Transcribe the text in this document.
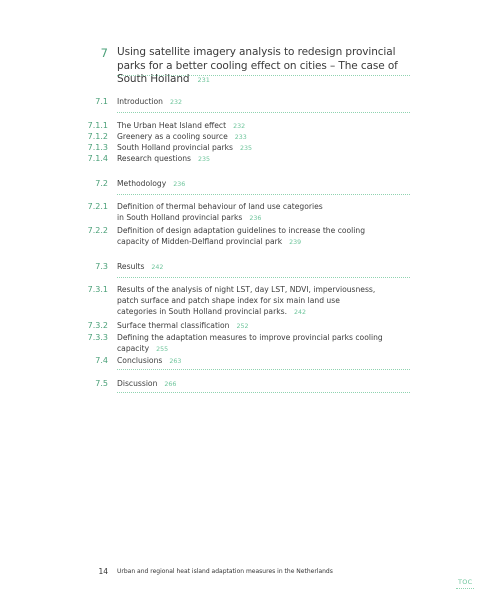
7 Using satellite imagery analysis to redesign provincial parks for a better cooling effect on cities – The case of South Holland 231
7.1 Introduction 232
7.1.1 The Urban Heat Island effect 232
7.1.2 Greenery as a cooling source 233
7.1.3 South Holland provincial parks 235
7.1.4 Research questions 235
7.2 Methodology 236
7.2.1 Definition of thermal behaviour of land use categories
in South Holland provincial parks 236
7.2.2 Definition of design adaptation guidelines to increase the cooling
capacity of Midden-Delfland provincial park 239
7.3 Results 242
7.3.1 Results of the analysis of night LST, day LST, NDVI, imperviousness,
patch surface and patch shape index for six main land use
categories in South Holland provincial parks. 242
7.3.2 Surface thermal classification 252
7.3.3 Defining the adaptation measures to improve provincial parks cooling capacity 255
7.4 Conclusions 263
7.5 Discussion 266
14 Urban and regional heat island adaptation measures in the Netherlands
TOC
